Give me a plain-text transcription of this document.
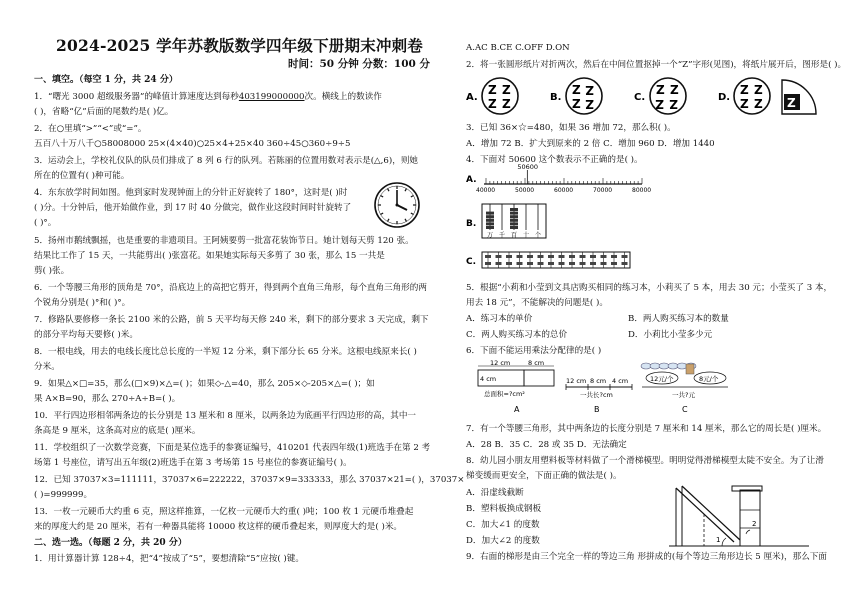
2024-2025 学年苏教版数学四年级下册期末冲刺卷
时间：50 分钟 分数：100 分
一、填空。（每空 1 分，共 24 分）
1．“曙光 3000 超级服务器”的峰值计算速度达到每秒403199000000次。横线上的数读作
( )，省略“亿”后面的尾数约是( )亿。
2．在○里填“>”“<”或“=”。
五百八十万八千○58008000 25×(4×40)○25×4+25×40 360÷45○360÷9÷5
3．运动会上，学校礼仪队的队员们排成了 8 列 6 行的队列。若陈丽的位置用数对表示是(△,6)，则她
所在的位置有( )种可能。
4．东东放学时间如图。他到家时发现钟面上的分针正好旋转了 180°，这时是( )时
( )分。十分钟后，他开始做作业，到 17 时 40 分做完，做作业这段时间时针旋转了
( )°。
5．扬州市鹅绒飘摇，也是重要的非遗项目。王阿姨要剪一批富花装饰节日。她计划每天剪 120 张。
结果比工作了 15 天，一共能剪出( )张富花。如果她实际每天多剪了 30 张，那么 15 一共是
剪( )张。
6．一个等腰三角形的顶角是 70°，沿底边上的高把它剪开，得到两个直角三角形，每个直角三角形的两
个锐角分别是( )°和( )°。
7．修路队要修修一条长 2100 米的公路，前 5 天平均每天修 240 米，剩下的部分要求 3 天完成，剩下
的部分平均每天要修( )米。
8．一根电线，用去的电线长度比总长度的一半短 12 分米，剩下部分长 65 分米。这根电线原来长( )
分米。
9．如果△×□=35，那么(□×9)×△=( )；如果◇-△=40，那么 205×◇-205×△=( )；如
果 A×B=90，那么 270÷A÷B=( )。
10．平行四边形相邻两条边的长分别是 13 厘米和 8 厘米，以两条边为底画平行四边形的高，其中一
条高是 9 厘米，这条高对应的底是( )厘米。
11．学校组织了一次数学竞赛，下面是某位选手的参赛证编号，410201 代表四年级(1)班选手在第 2 考
场第 1 号座位，请写出五年级(2)班选手在第 3 考场第 15 号座位的参赛证编号( )。
12．已知 37037×3=111111，37037×6=222222，37037×9=333333，那么 37037×21=( )，37037×
( )=999999。
13．一枚一元硬币大约重 6 克，照这样推算，一亿枚一元硬币大约重( )吨；100 枚 1 元硬币堆叠起
来的厚度大约是 20 厘米，若有一种器具能将 10000 枚这样的硬币叠起来，则厚度大约是( )米。
二、选一选。（每题 2 分，共 20 分）
1．用计算器计算 128÷4，把“4”按成了“5”，要想清除“5”应按( )键。
A.AC B.CE C.OFF D.ON
2．将一张圆形纸片对折两次，然后在中间位置抠掉一个“Z”字形(见图)，将纸片展开后，图形是( )。
A.
Z Z
Z Z	B.
Z Z
Z Z	C.
Z Z
Z Z	D.
Z Z
Z Z Z
3．已知 36×☆=480，如果 36 增加 72，那么积( )。
A．增加 72 B．扩大到原来的 2 倍 C．增加 960 D．增加 1440
4．下面对 50600 这个数表示不正确的是( )。
A.
40000	50000	60000	70000	80000
50600
B.
万 千 百 十 个
C.
5．根据“小莉和小莹到文具店购买相同的练习本，小莉买了 5 本，用去 30 元；小莹买了 3 本，
用去 18 元”，不能解决的问题是( )。
A．练习本的单价	B．两人购买练习本的数量
C．两人购买练习本的总价	D．小莉比小莹多少元
6．下面不能运用乘法分配律的是( )
12 cm	8 cm
4 cm
总面积=?cm²
A
12 cm 8 cm 4 cm
一共长?cm
B
12元/个	8元/个
一共?元
C
7．有一个等腰三角形，其中两条边的长度分别是 7 厘米和 14 厘米，那么它的周长是( )厘米。
A．28 B．35 C．28 或 35 D．无法确定
8．幼儿园小朋友用塑料板等材料做了一个滑梯模型。明明觉得滑梯模型太陡不安全。为了让滑
梯变缓而更安全，下面正确的做法是( )。
A．沿虚线截断
B．塑料板换成钢板
C．加大∠1 的度数
D．加大∠2 的度数	1
2
9．右面的梯形是由三个完全一样的等边三角 形拼成的(每个等边三角形边长 5 厘米)，那么下面
